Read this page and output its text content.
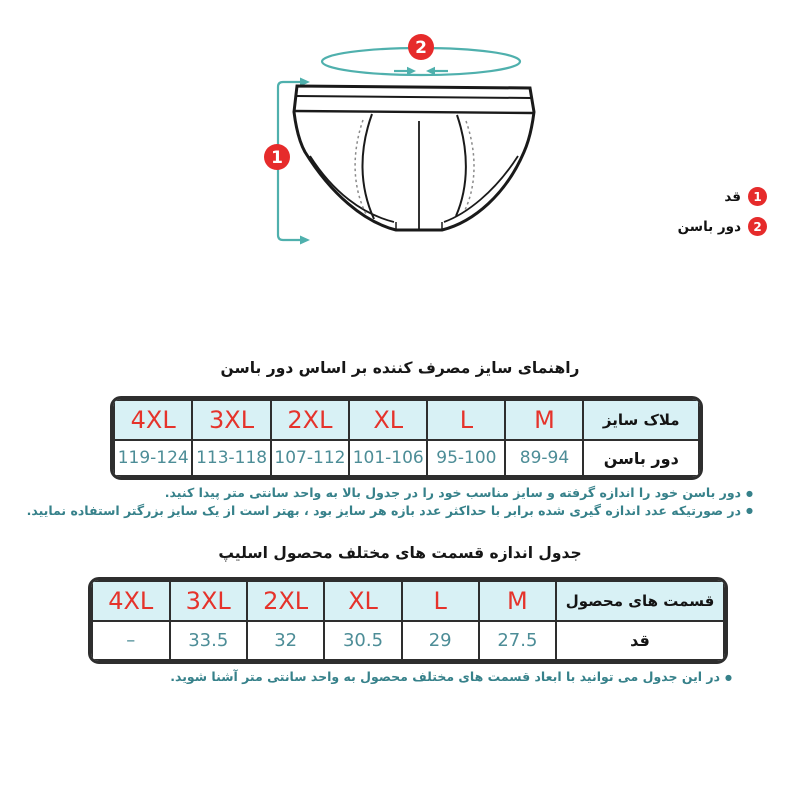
2
1
1
قد
2
دور باسن
راهنمای سایز مصرف کننده بر اساس دور باسن
ملاک سایز	M	L	XL	2XL	3XL	4XL
دور باسن	89-94	95-100	101-106	107-112	113-118	119-124
●دور باسن خود را اندازه گرفته و سایز مناسب خود را در جدول بالا به واحد سانتی متر پیدا کنید.
●در صورتیکه عدد اندازه گیری شده برابر با حداکثر عدد بازه هر سایز بود ، بهتر است از یک سایز بزرگتر استفاده نمایید.
جدول اندازه قسمت های مختلف محصول اسلیپ
قسمت های محصول	M	L	XL	2XL	3XL	4XL
قد	27.5	29	30.5	32	33.5	–
●در این جدول می توانید با ابعاد قسمت های مختلف محصول به واحد سانتی متر آشنا شوید.
